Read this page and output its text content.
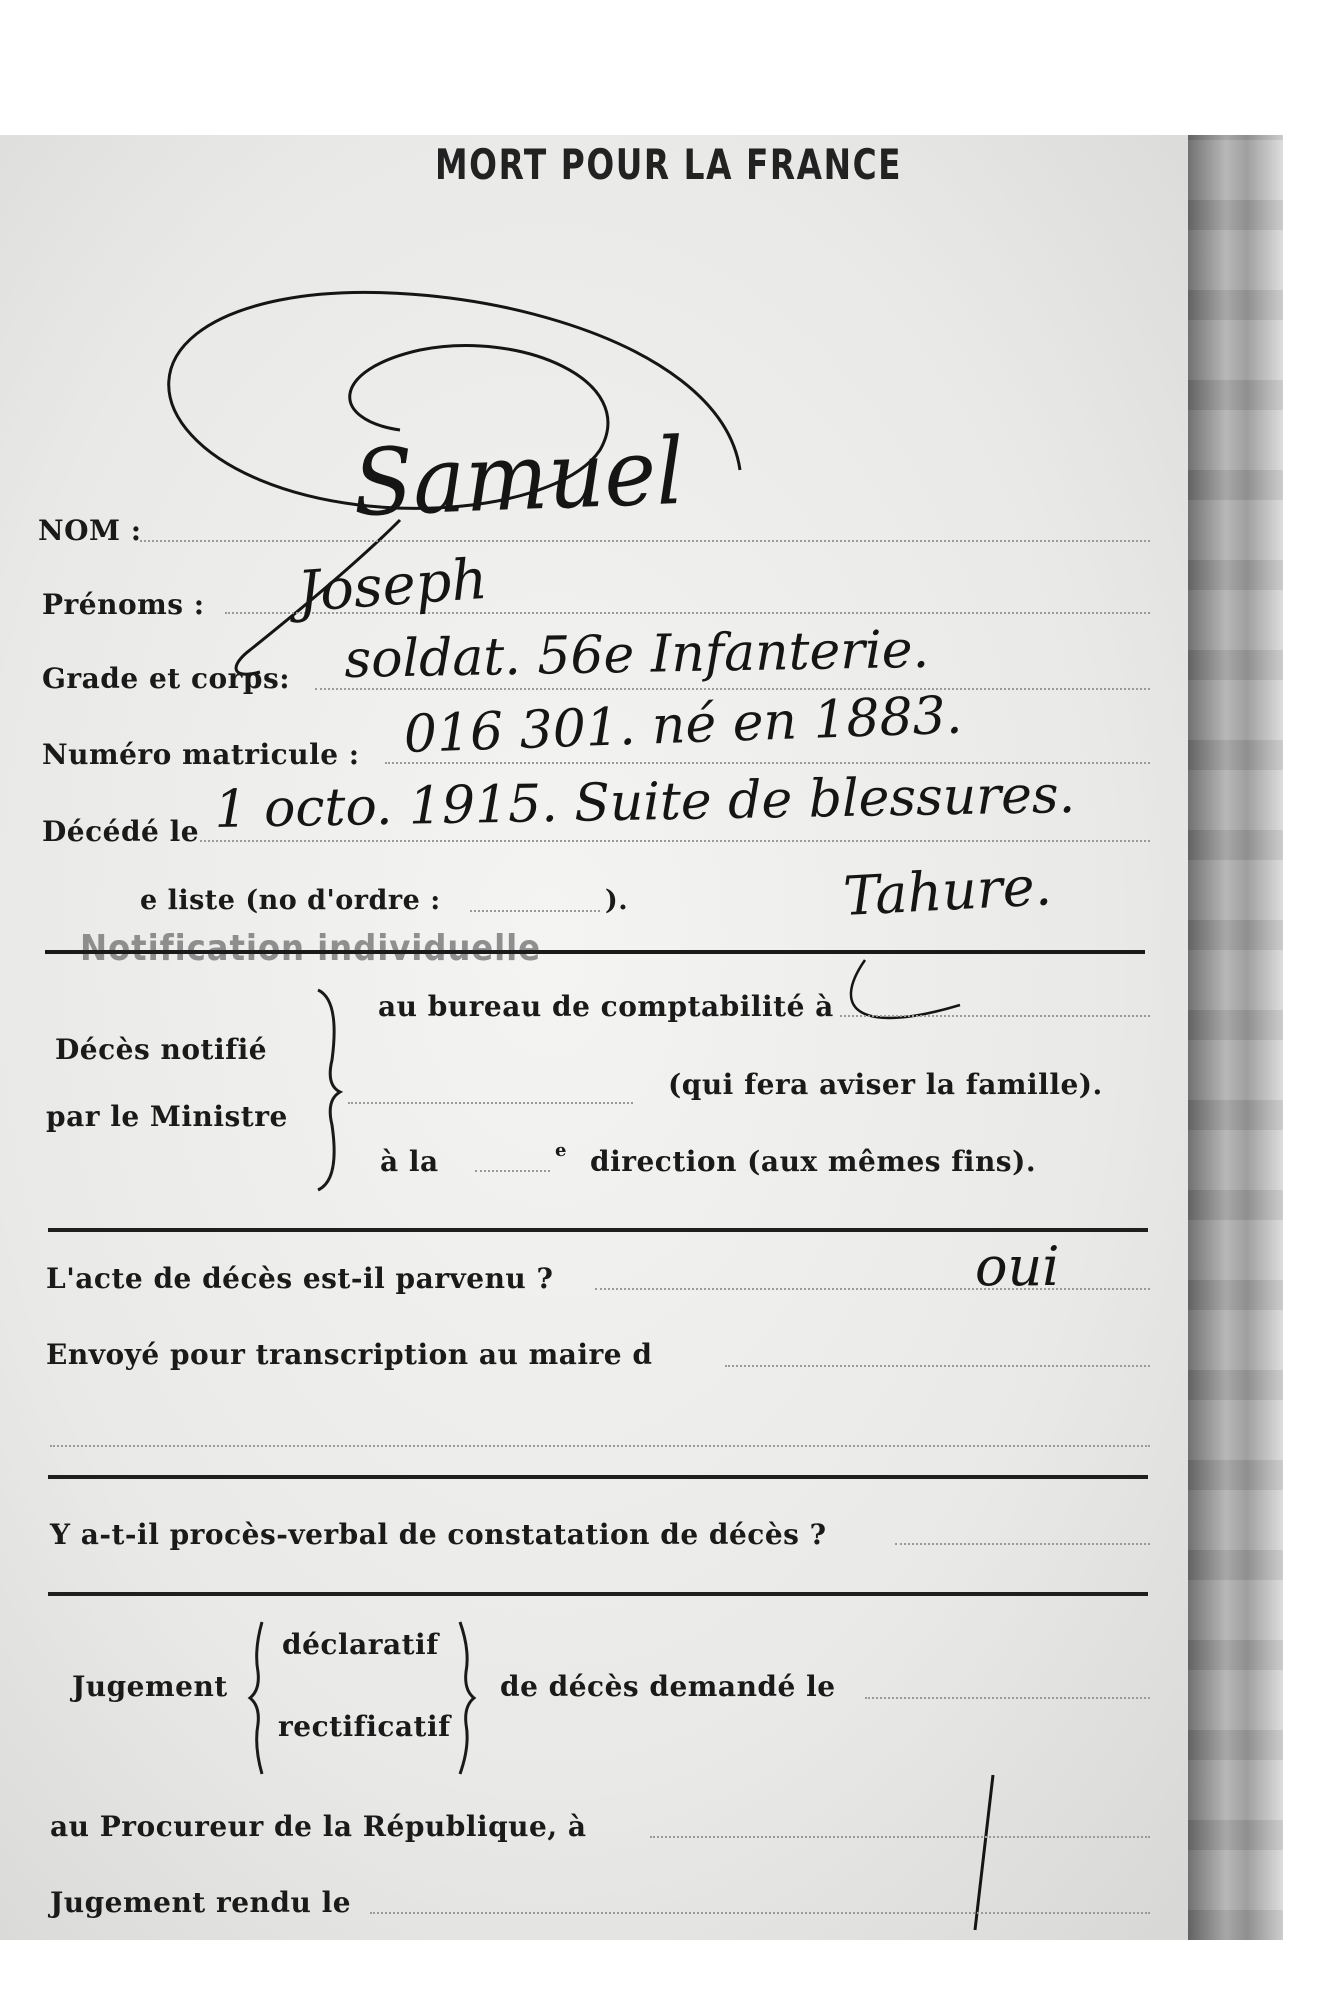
MORT POUR LA FRANCE
NOM : Samuel
Prénoms : Joseph
Grade et corps: soldat. 56e Infanterie.
Numéro matricule : 016 301. né en 1883.
Décédé le 1 octo. 1915. Suite de blessures.
e liste (no d'ordre :	).	Tahure.
Notification individuelle
Décès notifié
par le Ministre
au bureau de comptabilité à
(qui fera aviser la famille).
à la	e direction (aux mêmes fins).
L'acte de décès est-il parvenu ?	oui
Envoyé pour transcription au maire d
Y a-t-il procès-verbal de constatation de décès ?
Jugement
déclaratif
rectificatif
de décès demandé le
au Procureur de la République, à
Jugement rendu le
